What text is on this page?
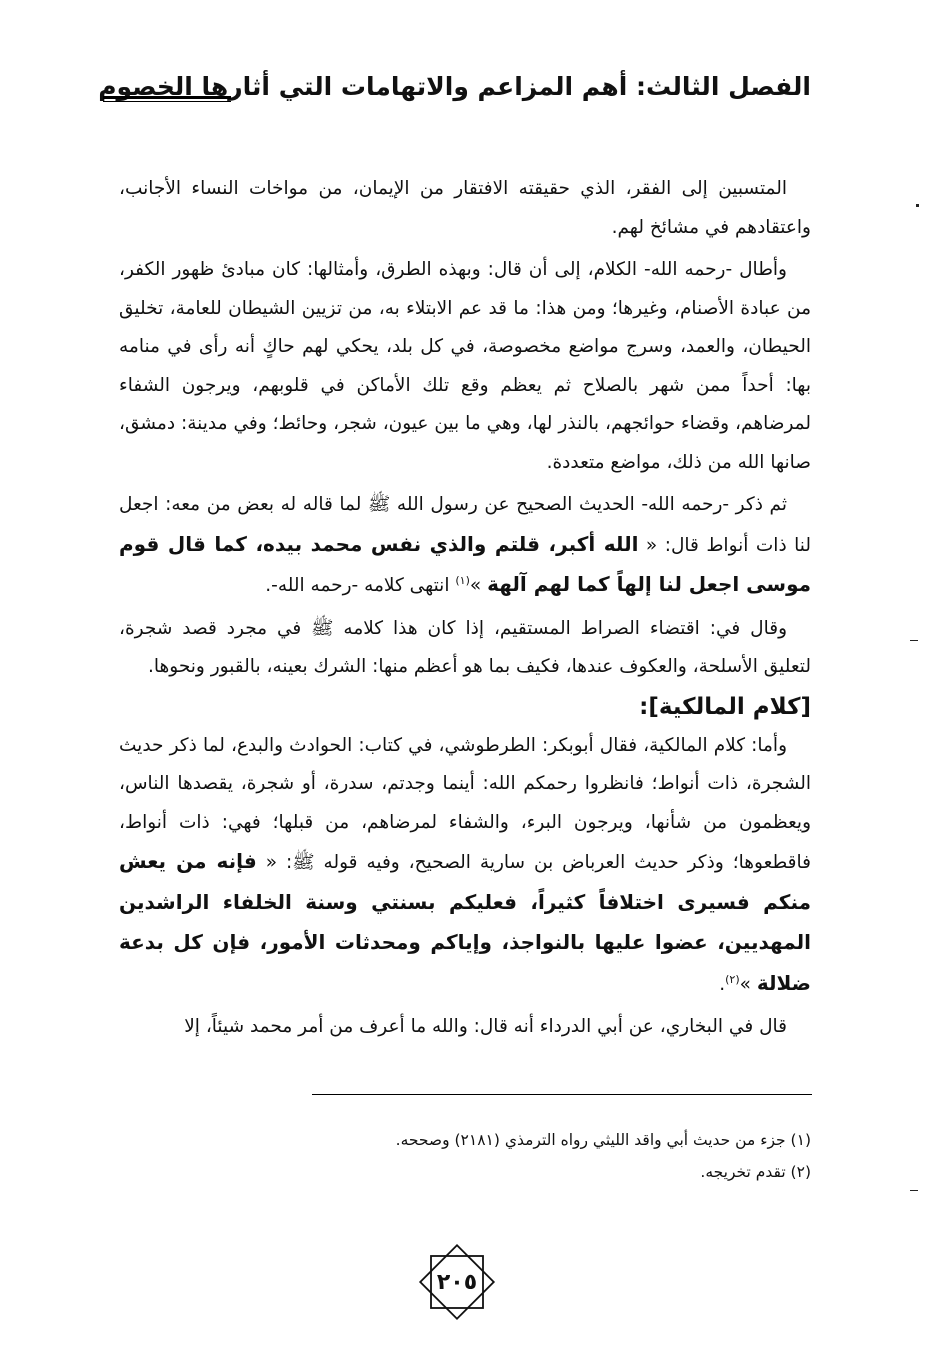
الفصل الثالث: أهم المزاعم والاتهامات التي أثارها الخصوم

المتسبين إلى الفقر، الذي حقيقته الافتقار من الإيمان، من مواخات النساء الأجانب، واعتقادهم في مشائخ لهم.

وأطال -رحمه الله- الكلام، إلى أن قال: وبهذه الطرق، وأمثالها: كان مبادئ ظهور الكفر، من عبادة الأصنام، وغيرها؛ ومن هذا: ما قد عم الابتلاء به، من تزيين الشيطان للعامة، تخليق الحيطان، والعمد، وسرج مواضع مخصوصة، في كل بلد، يحكي لهم حاكٍ أنه رأى في منامه بها: أحداً ممن شهر بالصلاح ثم يعظم وقع تلك الأماكن في قلوبهم، ويرجون الشفاء لمرضاهم، وقضاء حوائجهم، بالنذر لها، وهي ما بين عيون، شجر، وحائط؛ وفي مدينة: دمشق، صانها الله من ذلك، مواضع متعددة.

ثم ذكر -رحمه الله- الحديث الصحيح عن رسول الله ﷺ لما قاله له بعض من معه: اجعل لنا ذات أنواط قال: « الله أكبر، قلتم والذي نفس محمد بيده، كما قال قوم موسى اجعل لنا إلهاً كما لهم آلهة »$^{(١)}$ انتهى كلامه -رحمه الله-.

وقال في: اقتضاء الصراط المستقيم، إذا كان هذا كلامه ﷺ في مجرد قصد شجرة، لتعليق الأسلحة، والعكوف عندها، فكيف بما هو أعظم منها: الشرك بعينه، بالقبور ونحوها.

[كلام المالكية]:

وأما: كلام المالكية، فقال أبوبكر: الطرطوشي، في كتاب: الحوادث والبدع، لما ذكر حديث الشجرة، ذات أنواط؛ فانظروا رحمكم الله: أينما وجدتم، سدرة، أو شجرة، يقصدها الناس، ويعظمون من شأنها، ويرجون البرء، والشفاء لمرضاهم، من قبلها؛ فهي: ذات أنواط، فاقطعوها؛ وذكر حديث العرباض بن سارية الصحيح، وفيه قوله ﷺ: « فإنه من يعش منكم فسيرى اختلافاً كثيراً، فعليكم بسنتي وسنة الخلفاء الراشدين المهديين، عضوا عليها بالنواجذ، وإياكم ومحدثات الأمور، فإن كل بدعة ضلالة »$^{(٢)}$.

قال في البخاري، عن أبي الدرداء أنه قال: والله ما أعرف من أمر محمد شيئاً، إلا

(١) جزء من حديث أبي واقد الليثي رواه الترمذي (٢١٨١) وصححه.

(٢) تقدم تخريجه.

٢٠٥
